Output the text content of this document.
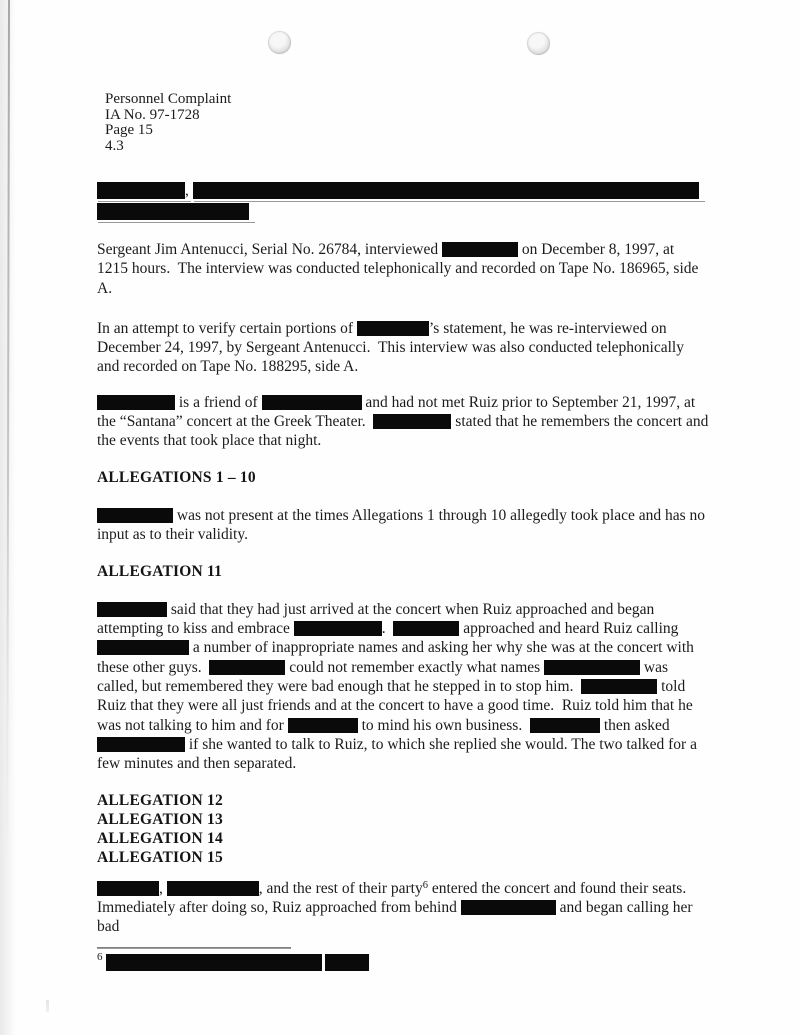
Personnel Complaint
IA No. 97-1728
Page 15
4.3
,

Sergeant Jim Antenucci, Serial No. 26784, interviewed	on December 8, 1997, at 1215 hours.  The interview was conducted telephonically and recorded on Tape No. 186965, side A.

In an attempt to verify certain portions of	’s statement, he was re-interviewed on December 24, 1997, by Sergeant Antenucci.  This interview was also conducted telephonically and recorded on Tape No. 188295, side A.

is a friend of	and had not met Ruiz prior to September 21, 1997, at the “Santana” concert at the Greek Theater.	stated that he remembers the concert and the events that took place that night.

ALLEGATIONS 1 – 10

was not present at the times Allegations 1 through 10 allegedly took place and has no input as to their validity.

ALLEGATION 11

said that they had just arrived at the concert when Ruiz approached and began attempting to kiss and embrace	.	approached and heard Ruiz calling  a number of inappropriate names and asking her why she was at the concert with these other guys.	could not remember exactly what names	was called, but remembered they were bad enough that he stepped in to stop him.	told Ruiz that they were all just friends and at the concert to have a good time.  Ruiz told him that he was not talking to him and for	to mind his own business.	then asked  if she wanted to talk to Ruiz, to which she replied she would. The two talked for a few minutes and then separated.

ALLEGATION 12
ALLEGATION 13
ALLEGATION 14
ALLEGATION 15

,	, and the rest of their party$^6$ entered the concert and found their seats. Immediately after doing so, Ruiz approached from behind	and began calling her bad

$^6$
